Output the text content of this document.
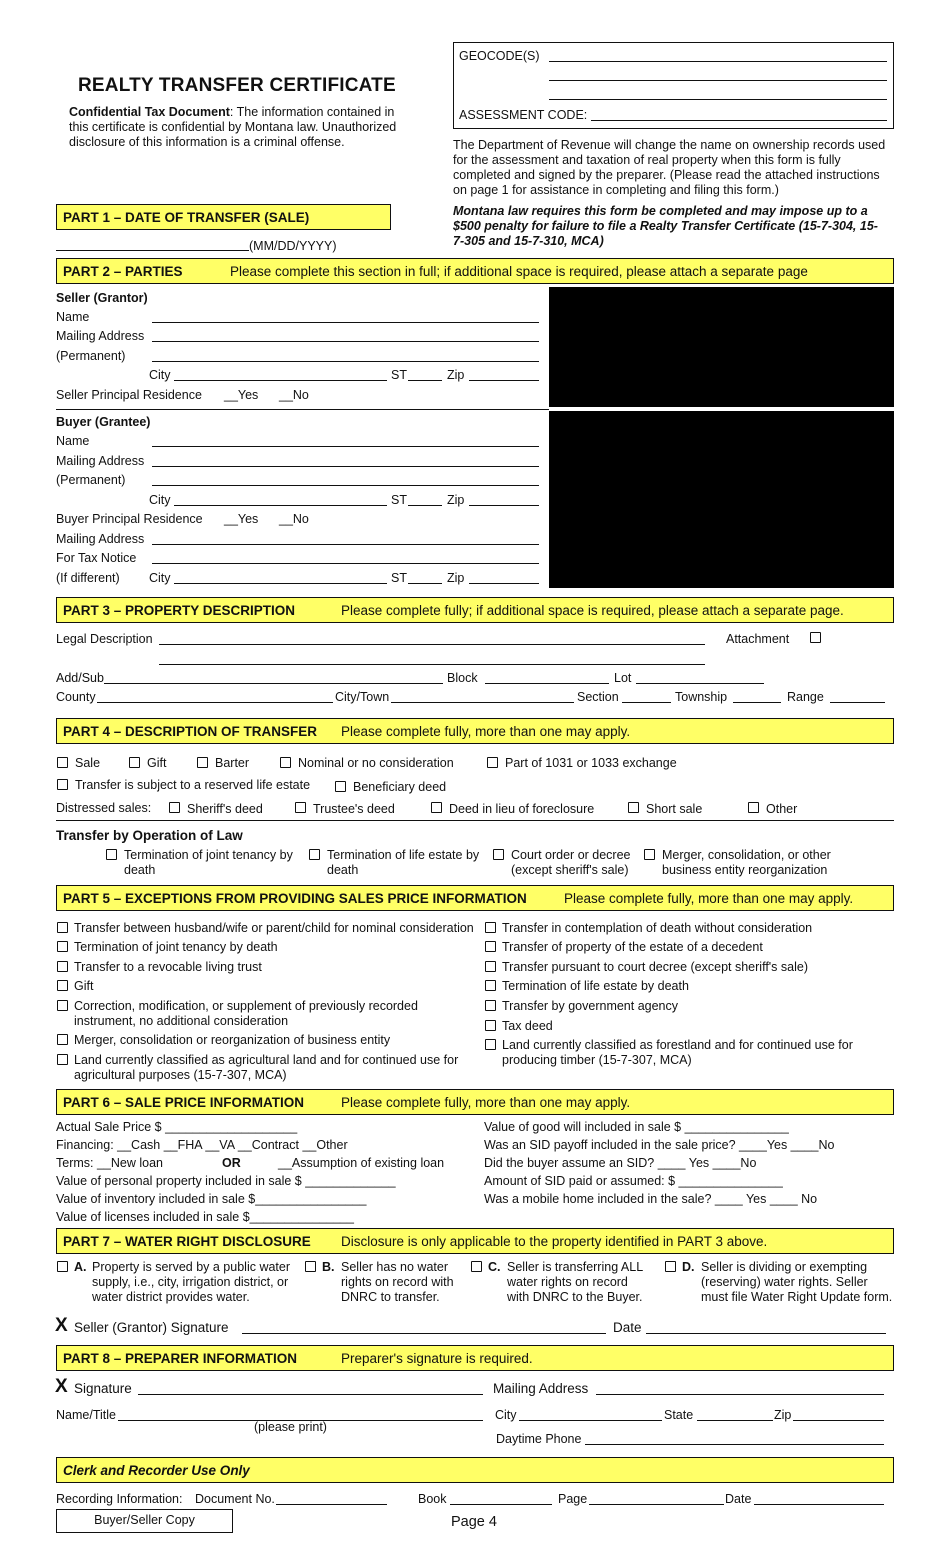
REALTY TRANSFER CERTIFICATE
Confidential Tax Document: The information contained in this certificate is confidential by Montana law. Unauthorized disclosure of this information is a criminal offense.
GEOCODE(S)
ASSESSMENT CODE:
The Department of Revenue will change the name on ownership records used for the assessment and taxation of real property when this form is fully completed and signed by the preparer. (Please read the attached instructions on page 1 for assistance in completing and filing this form.)
Montana law requires this form be completed and may impose up to a $500 penalty for failure to file a Realty Transfer Certificate (15-7-304, 15-7-305 and 15-7-310, MCA)
PART 1 – DATE OF TRANSFER (SALE)
(MM/DD/YYYY)
PART 2 – PARTIES	Please complete this section in full; if additional space is required, please attach a separate page
Seller (Grantor)
Name
Mailing Address
(Permanent)
City	ST	Zip
Seller Principal Residence __Yes __No
Buyer (Grantee)
Name
Mailing Address
(Permanent)
City	ST	Zip
Buyer Principal Residence __Yes __No
Mailing Address
For Tax Notice
(If different) City	ST	Zip
PART 3 – PROPERTY DESCRIPTION	Please complete fully; if additional space is required, please attach a separate page.
Legal Description	Attachment
Add/Sub	Block	Lot
County	City/Town	Section	Township	Range
PART 4 – DESCRIPTION OF TRANSFER Please complete fully, more than one may apply.
Sale	Gift	Barter	Nominal or no consideration	Part of 1031 or 1033 exchange
Transfer is subject to a reserved life estate	Beneficiary deed
Distressed sales:	Sheriff's deed	Trustee's deed	Deed in lieu of foreclosure	Short sale	Other
Transfer by Operation of Law
Termination of joint tenancy by
death
Termination of life estate by
death
Court order or decree
(except sheriff's sale)
Merger, consolidation, or other
business entity reorganization
PART 5 – EXCEPTIONS FROM PROVIDING SALES PRICE INFORMATION	Please complete fully, more than one may apply.
Transfer between husband/wife or parent/child for nominal consideration
Termination of joint tenancy by death
Transfer to a revocable living trust
Gift
Correction, modification, or supplement of previously recorded
instrument, no additional consideration
Merger, consolidation or reorganization of business entity
Land currently classified as agricultural land and for continued use for
agricultural purposes (15-7-307, MCA)
Transfer in contemplation of death without consideration
Transfer of property of the estate of a decedent
Transfer pursuant to court decree (except sheriff's sale)
Termination of life estate by death
Transfer by government agency
Tax deed
Land currently classified as forestland and for continued use for
producing timber (15-7-307, MCA)
PART 6 – SALE PRICE INFORMATION	Please complete fully, more than one may apply.
Actual Sale Price $ ___________________
Financing: __Cash __FHA __VA __Contract __Other
Terms: __New loan	OR	__Assumption of existing loan
Value of personal property included in sale $ _____________
Value of inventory included in sale $________________
Value of licenses included in sale $_______________
Value of good will included in sale $ _______________
Was an SID payoff included in the sale price? ____Yes ____No
Did the buyer assume an SID? ____ Yes ____No
Amount of SID paid or assumed: $ _______________
Was a mobile home included in the sale? ____ Yes ____ No
PART 7 – WATER RIGHT DISCLOSURE Disclosure is only applicable to the property identified in PART 3 above.
A. Property is served by a public water
supply, i.e., city, irrigation district, or
water district provides water.
B. Seller has no water
rights on record with
DNRC to transfer.
C. Seller is transferring ALL
water rights on record
with DNRC to the Buyer.
D. Seller is dividing or exempting
(reserving) water rights. Seller
must file Water Right Update form.
X Seller (Grantor) Signature	Date
PART 8 – PREPARER INFORMATION	Preparer's signature is required.
X Signature	Mailing Address
Name/Title
(please print)
City	State	Zip
Daytime Phone
Clerk and Recorder Use Only
Recording Information: Document No.	Book	Page	Date
Buyer/Seller Copy	Page 4
